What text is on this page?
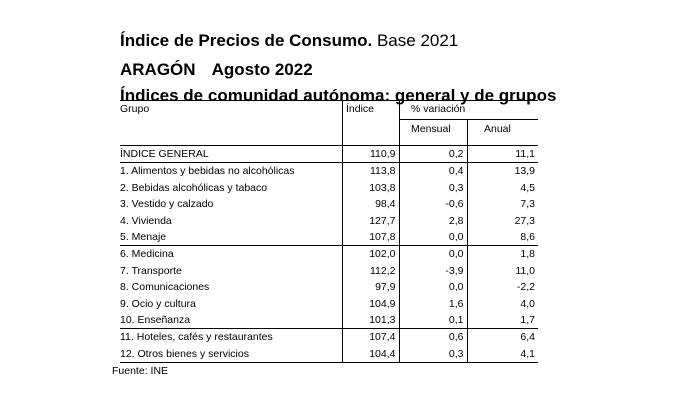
Índice de Precios de Consumo. Base 2021

ARAGÓN Agosto 2022

Índices de comunidad autónoma: general y de grupos

Grupo	Índice	% variación
Mensual	Anual
ÍNDICE GENERAL	110,9	0,2	11,1
1. Alimentos y bebidas no alcohólicas	113,8	0,4	13,9
2. Bebidas alcohólicas y tabaco	103,8	0,3	4,5
3. Vestido y calzado	98,4	-0,6	7,3
4. Vivienda	127,7	2,8	27,3
5. Menaje	107,8	0,0	8,6
6. Medicina	102,0	0,0	1,8
7. Transporte	112,2	-3,9	11,0
8. Comunicaciones	97,9	0,0	-2,2
9. Ocio y cultura	104,9	1,6	4,0
10. Enseñanza	101,3	0,1	1,7
11. Hoteles, cafés y restaurantes	107,4	0,6	6,4
12. Otros bienes y servicios	104,4	0,3	4,1
Fuente: INE
